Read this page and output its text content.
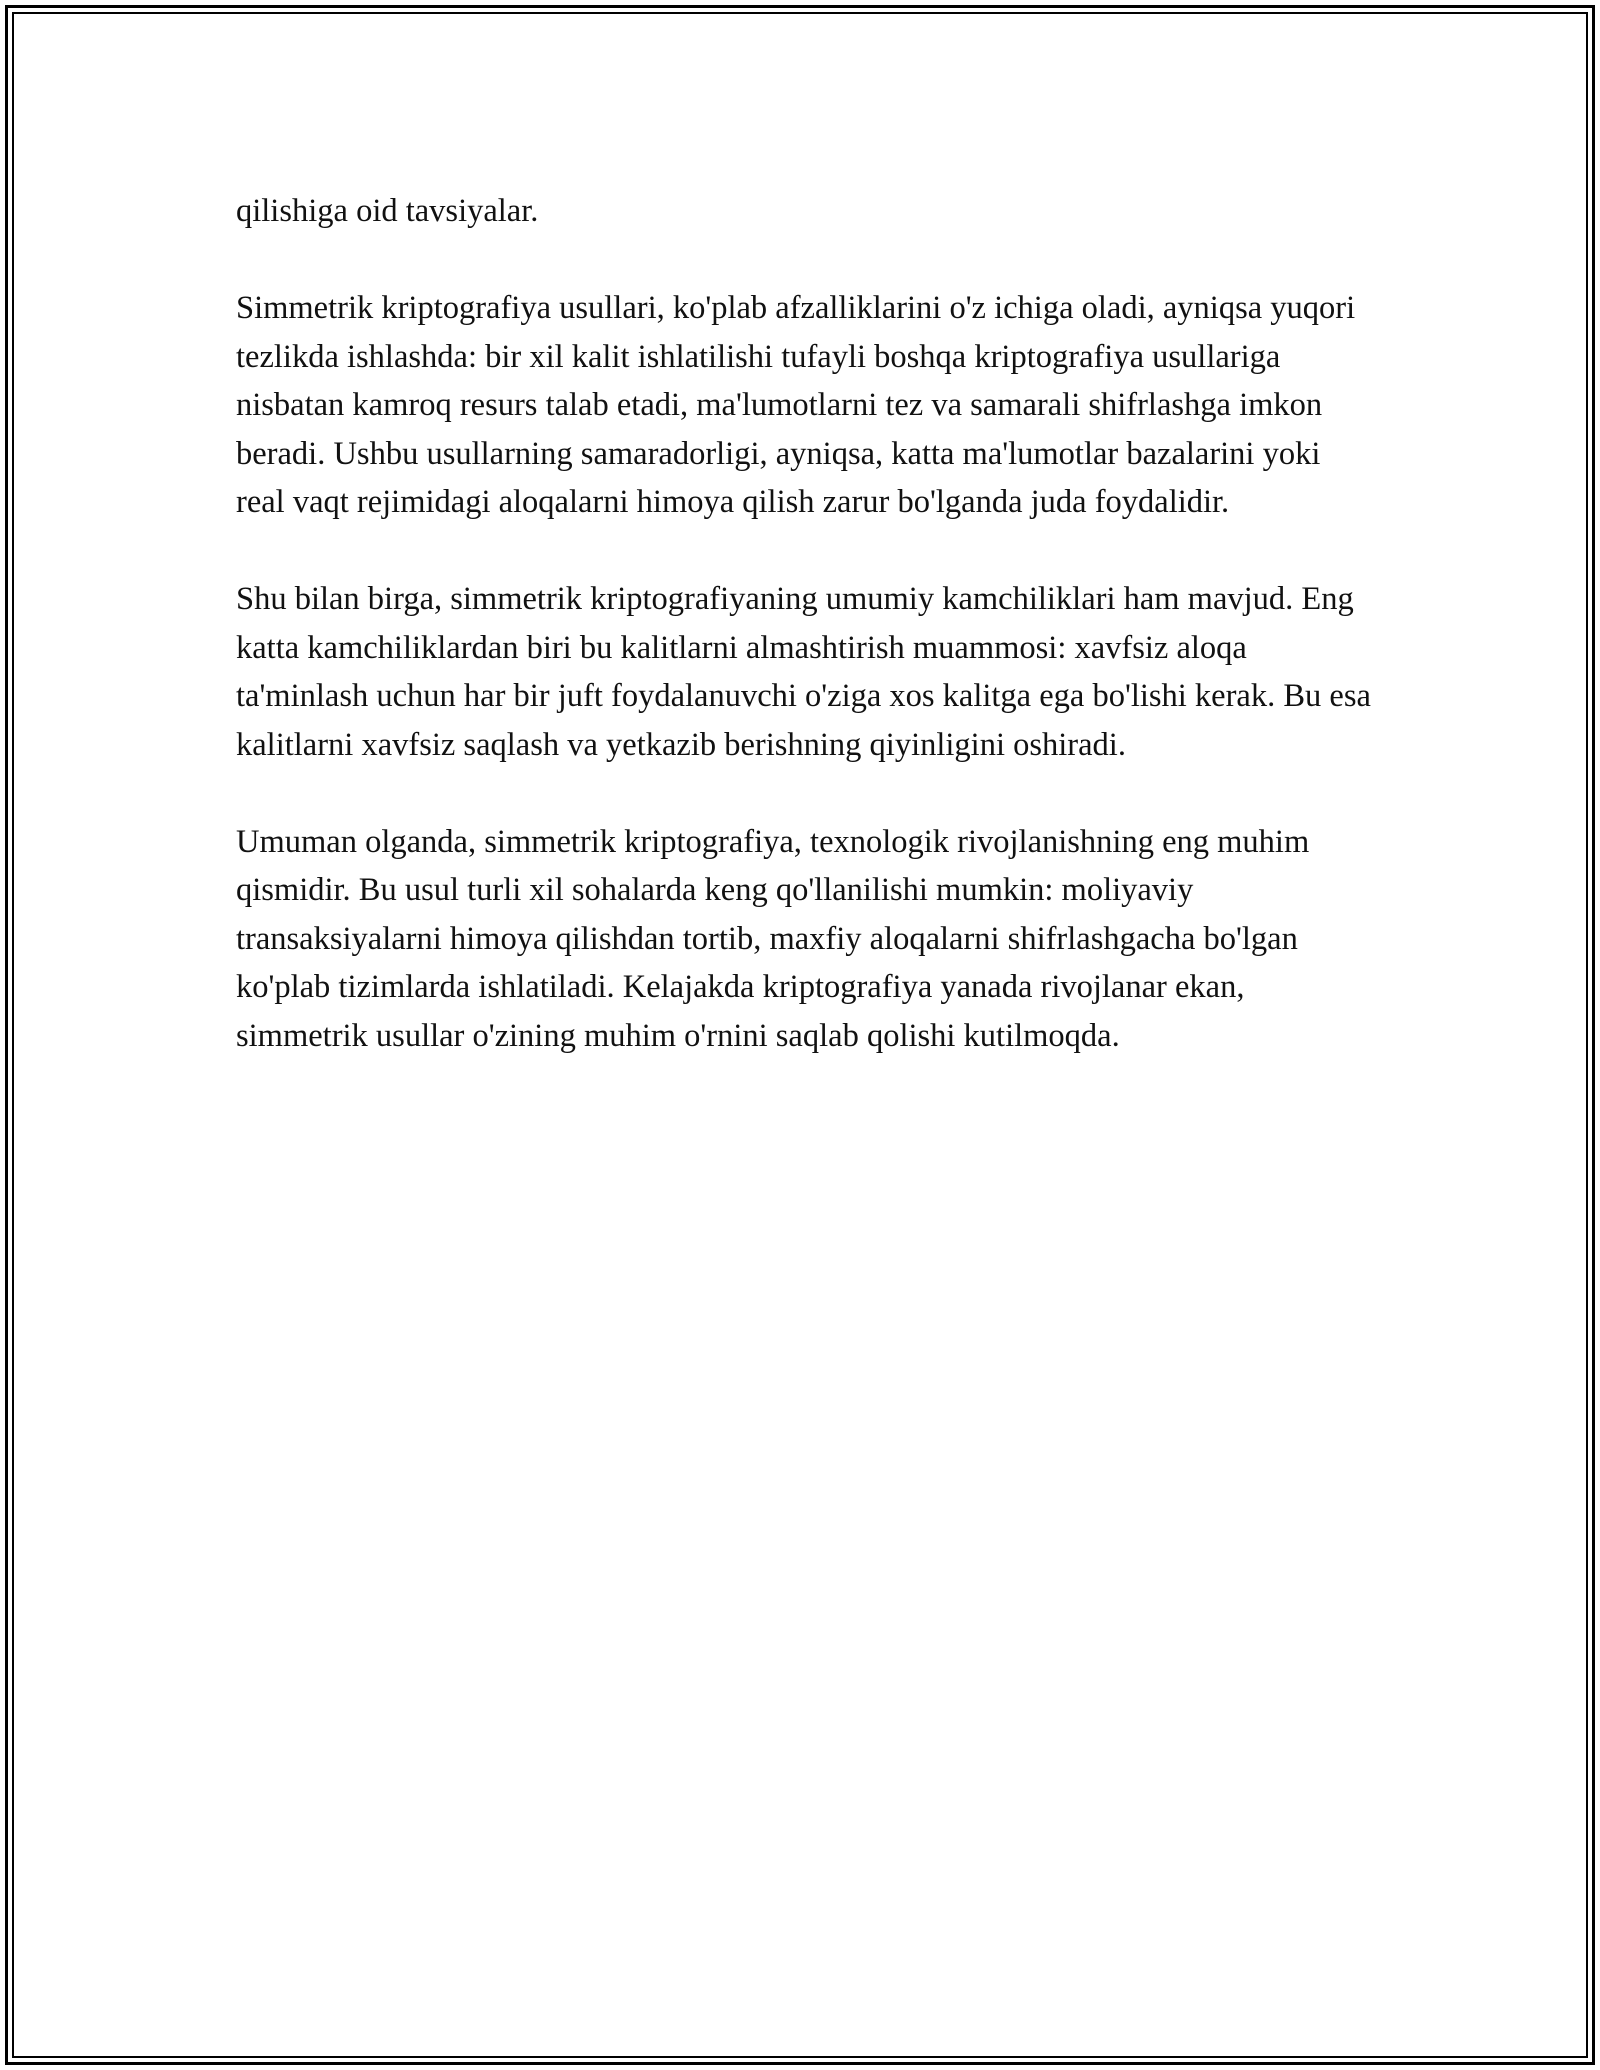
qilishiga oid tavsiyalar.

Simmetrik kriptografiya usullari, ko'plab afzalliklarini o'z ichiga oladi, ayniqsa yuqori tezlikda ishlashda: bir xil kalit ishlatilishi tufayli boshqa kriptografiya usullariga nisbatan kamroq resurs talab etadi, ma'lumotlarni tez va samarali shifrlashga imkon beradi. Ushbu usullarning samaradorligi, ayniqsa, katta ma'lumotlar bazalarini yoki real vaqt rejimidagi aloqalarni himoya qilish zarur bo'lganda juda foydalidir.

Shu bilan birga, simmetrik kriptografiyaning umumiy kamchiliklari ham mavjud. Eng katta kamchiliklardan biri bu kalitlarni almashtirish muammosi: xavfsiz aloqa ta'minlash uchun har bir juft foydalanuvchi o'ziga xos kalitga ega bo'lishi kerak. Bu esa kalitlarni xavfsiz saqlash va yetkazib berishning qiyinligini oshiradi.

Umuman olganda, simmetrik kriptografiya, texnologik rivojlanishning eng muhim qismidir. Bu usul turli xil sohalarda keng qo'llanilishi mumkin: moliyaviy transaksiyalarni himoya qilishdan tortib, maxfiy aloqalarni shifrlashgacha bo'lgan ko'plab tizimlarda ishlatiladi. Kelajakda kriptografiya yanada rivojlanar ekan, simmetrik usullar o'zining muhim o'rnini saqlab qolishi kutilmoqda.
